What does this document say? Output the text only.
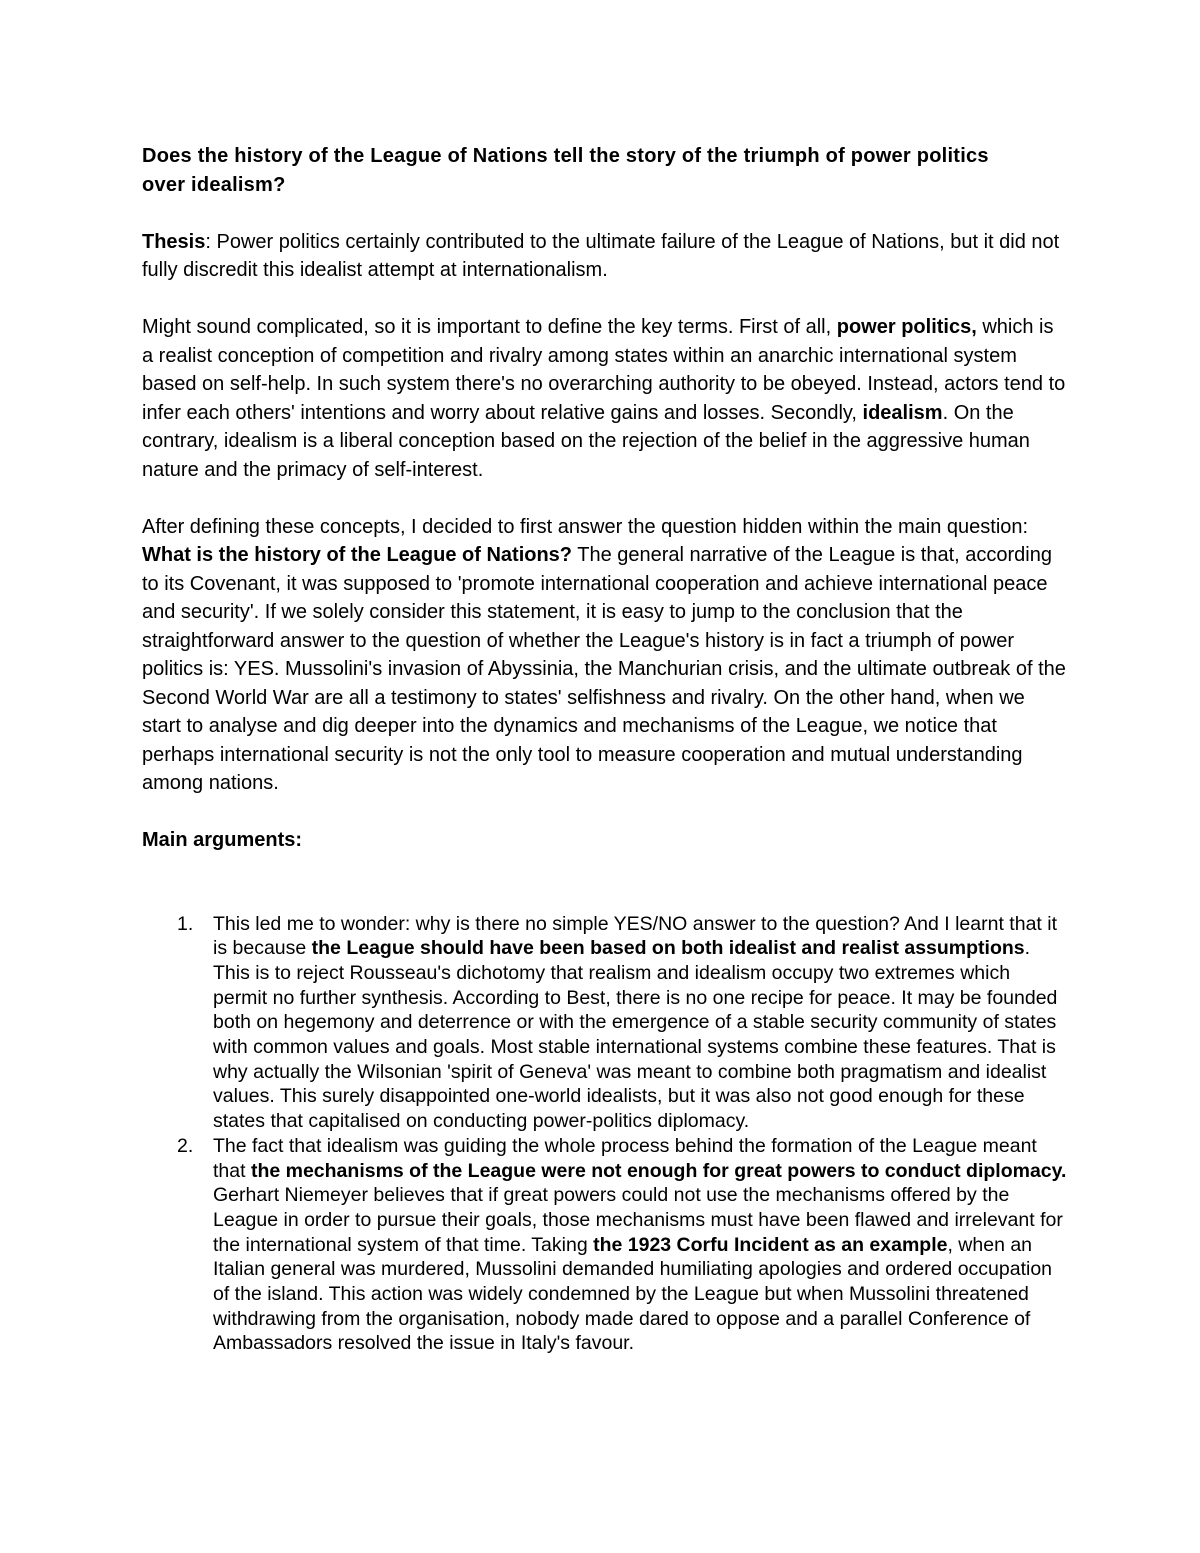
Does the history of the League of Nations tell the story of the triumph of power politics
over idealism?

Thesis: Power politics certainly contributed to the ultimate failure of the League of Nations, but it did not fully discredit this idealist attempt at internationalism.

Might sound complicated, so it is important to define the key terms. First of all, power politics, which is a realist conception of competition and rivalry among states within an anarchic international system based on self-help. In such system there's no overarching authority to be obeyed. Instead, actors tend to infer each others' intentions and worry about relative gains and losses. Secondly, idealism. On the contrary, idealism is a liberal conception based on the rejection of the belief in the aggressive human nature and the primacy of self-interest.

After defining these concepts, I decided to first answer the question hidden within the main question: What is the history of the League of Nations? The general narrative of the League is that, according to its Covenant, it was supposed to 'promote international cooperation and achieve international peace and security'. If we solely consider this statement, it is easy to jump to the conclusion that the straightforward answer to the question of whether the League's history is in fact a triumph of power politics is: YES. Mussolini's invasion of Abyssinia, the Manchurian crisis, and the ultimate outbreak of the Second World War are all a testimony to states' selfishness and rivalry. On the other hand, when we start to analyse and dig deeper into the dynamics and mechanisms of the League, we notice that perhaps international security is not the only tool to measure cooperation and mutual understanding among nations.

Main arguments:
1. This led me to wonder: why is there no simple YES/NO answer to the question? And I learnt that it is because the League should have been based on both idealist and realist assumptions. This is to reject Rousseau's dichotomy that realism and idealism occupy two extremes which permit no further synthesis. According to Best, there is no one recipe for peace. It may be founded both on hegemony and deterrence or with the emergence of a stable security community of states with common values and goals. Most stable international systems combine these features. That is why actually the Wilsonian 'spirit of Geneva' was meant to combine both pragmatism and idealist values. This surely disappointed one-world idealists, but it was also not good enough for these states that capitalised on conducting power-politics diplomacy.
2. The fact that idealism was guiding the whole process behind the formation of the League meant that the mechanisms of the League were not enough for great powers to conduct diplomacy. Gerhart Niemeyer believes that if great powers could not use the mechanisms offered by the League in order to pursue their goals, those mechanisms must have been flawed and irrelevant for the international system of that time. Taking the 1923 Corfu Incident as an example, when an Italian general was murdered, Mussolini demanded humiliating apologies and ordered occupation of the island. This action was widely condemned by the League but when Mussolini threatened withdrawing from the organisation, nobody made dared to oppose and a parallel Conference of Ambassadors resolved the issue in Italy's favour.
